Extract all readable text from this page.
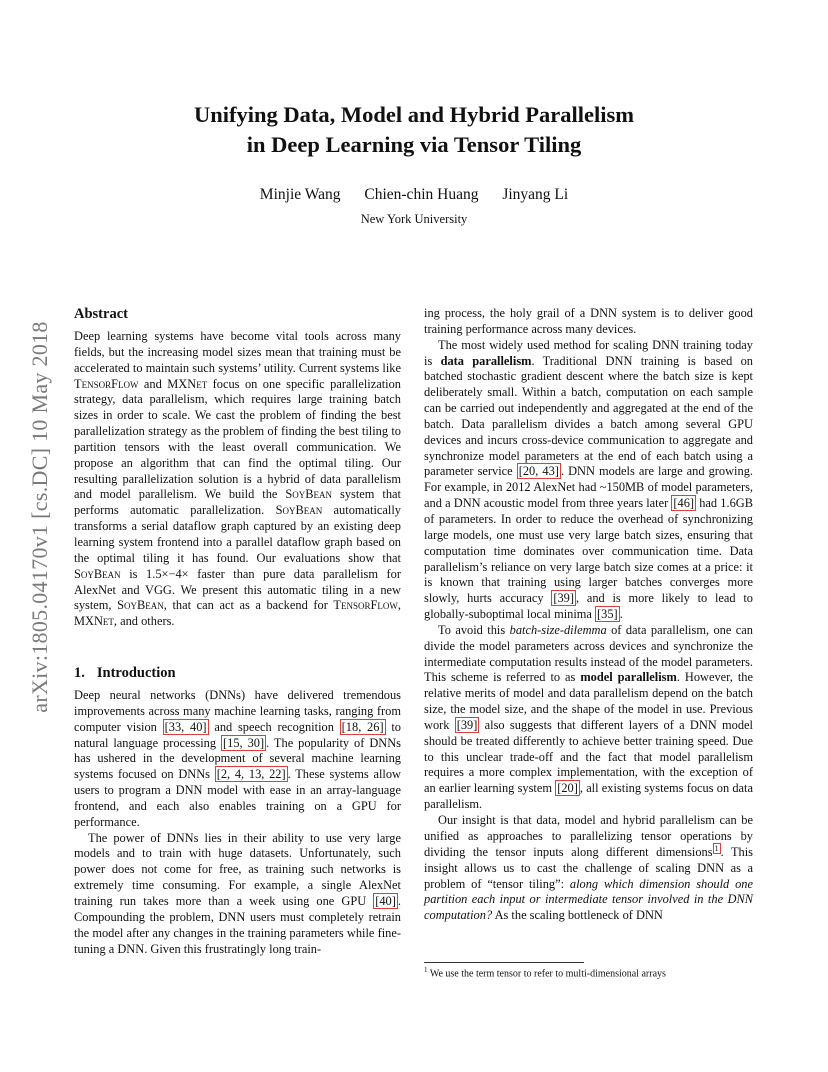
arXiv:1805.04170v1 [cs.DC] 10 May 2018
Unifying Data, Model and Hybrid Parallelism
in Deep Learning via Tensor Tiling
Minjie Wang Chien-chin Huang Jinyang Li
New York University
Abstract

Deep learning systems have become vital tools across many fields, but the increasing model sizes mean that training must be accelerated to maintain such systems’ utility. Current systems like TensorFlow and MXNet focus on one specific parallelization strategy, data parallelism, which requires large training batch sizes in order to scale. We cast the problem of finding the best parallelization strategy as the problem of finding the best tiling to partition tensors with the least overall communication. We propose an algorithm that can find the optimal tiling. Our resulting parallelization solution is a hybrid of data parallelism and model parallelism. We build the SoyBean system that performs automatic parallelization. SoyBean automatically transforms a serial dataflow graph captured by an existing deep learning system frontend into a parallel dataflow graph based on the optimal tiling it has found. Our evaluations show that SoyBean is 1.5×−4× faster than pure data parallelism for AlexNet and VGG. We present this automatic tiling in a new system, SoyBean, that can act as a backend for TensorFlow, MXNet, and others.

1. Introduction

Deep neural networks (DNNs) have delivered tremendous improvements across many machine learning tasks, ranging from computer vision [33, 40] and speech recognition [18, 26] to natural language processing [15, 30] . The popularity of DNNs has ushered in the development of several machine learning systems focused on DNNs [2, 4, 13, 22] . These systems allow users to program a DNN model with ease in an array-language frontend, and each also enables training on a GPU for performance.

The power of DNNs lies in their ability to use very large models and to train with huge datasets. Unfortunately, such power does not come for free, as training such networks is extremely time consuming. For example, a single AlexNet training run takes more than a week using one GPU [40] . Compounding the problem, DNN users must completely retrain the model after any changes in the training parameters while fine-tuning a DNN. Given this frustratingly long train-

ing process, the holy grail of a DNN system is to deliver good training performance across many devices.

The most widely used method for scaling DNN training today is data parallelism. Traditional DNN training is based on batched stochastic gradient descent where the batch size is kept deliberately small. Within a batch, computation on each sample can be carried out independently and aggregated at the end of the batch. Data parallelism divides a batch among several GPU devices and incurs cross-device communication to aggregate and synchronize model parameters at the end of each batch using a parameter service [20, 43] . DNN models are large and growing. For example, in 2012 AlexNet had ~150MB of model parameters, and a DNN acoustic model from three years later [46] had 1.6GB of parameters. In order to reduce the overhead of synchronizing large models, one must use very large batch sizes, ensuring that computation time dominates over communication time. Data parallelism’s reliance on very large batch size comes at a price: it is known that training using larger batches converges more slowly, hurts accuracy [39] , and is more likely to lead to globally-suboptimal local minima [35] .

To avoid this batch-size-dilemma of data parallelism, one can divide the model parameters across devices and synchronize the intermediate computation results instead of the model parameters. This scheme is referred to as model parallelism. However, the relative merits of model and data parallelism depend on the batch size, the model size, and the shape of the model in use. Previous work [39] also suggests that different layers of a DNN model should be treated differently to achieve better training speed. Due to this unclear trade-off and the fact that model parallelism requires a more complex implementation, with the exception of an earlier learning system [20] , all existing systems focus on data parallelism.

Our insight is that data, model and hybrid parallelism can be unified as approaches to parallelizing tensor operations by dividing the tensor inputs along different dimensions $^1$ . This insight allows us to cast the challenge of scaling DNN as a problem of “tensor tiling”: along which dimension should one partition each input or intermediate tensor involved in the DNN computation? As the scaling bottleneck of DNN

$^1$ We use the term tensor to refer to multi-dimensional arrays
